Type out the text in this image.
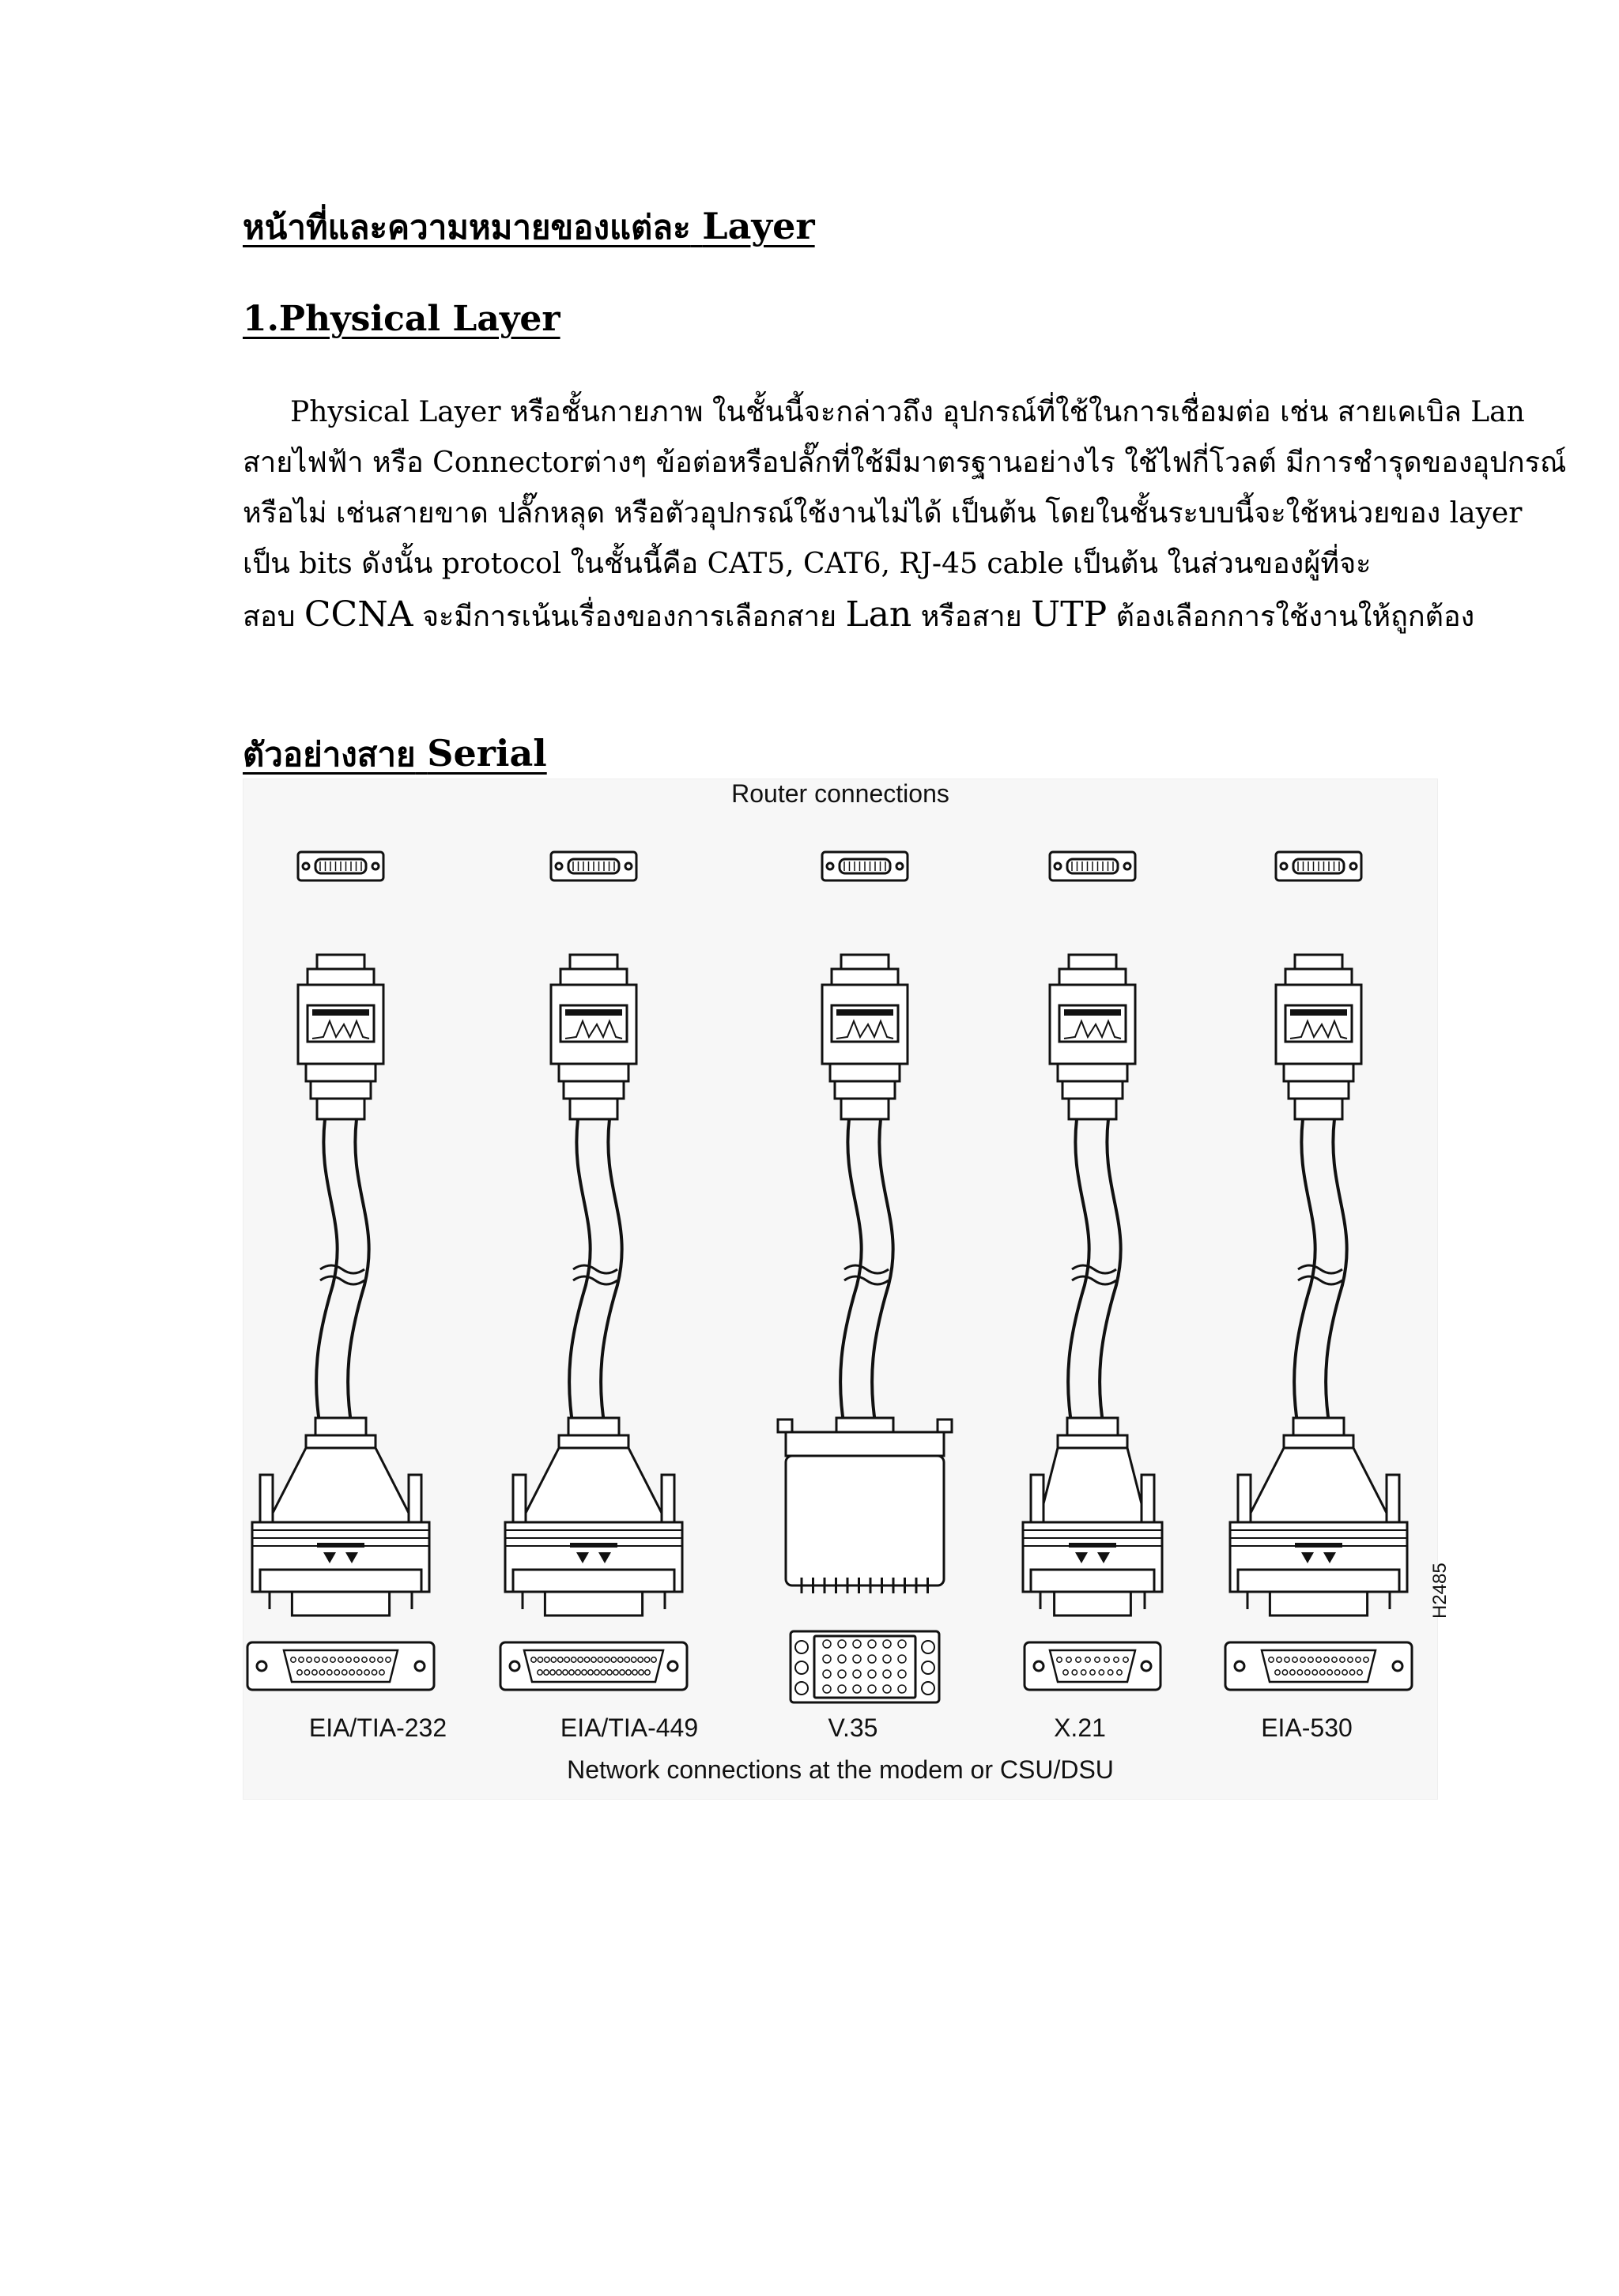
หน้าที่และความหมายของแต่ละ Layer
1.Physical Layer
Physical Layer หรือชั้นกายภาพ ในชั้นนี้จะกล่าวถึง อุปกรณ์ที่ใช้ในการเชื่อมต่อ เช่น สายเคเบิล Lan
สายไฟฟ้า หรือ Connectorต่างๆ ข้อต่อหรือปลั๊กที่ใช้มีมาตรฐานอย่างไร ใช้ไฟกี่โวลต์ มีการชำรุดของอุปกรณ์
หรือไม่ เช่นสายขาด ปลั๊กหลุด หรือตัวอุปกรณ์ใช้งานไม่ได้ เป็นต้น โดยในชั้นระบบนี้จะใช้หน่วยของ layer
เป็น bits ดังนั้น protocol ในชั้นนี้คือ CAT5, CAT6, RJ-45 cable เป็นต้น ในส่วนของผู้ที่จะ
สอบ CCNA จะมีการเน้นเรื่องของการเลือกสาย Lan หรือสาย UTP ต้องเลือกการใช้งานให้ถูกต้อง
ตัวอย่างสาย Serial
Router connections
EIA/TIA-232	EIA/TIA-449	V.35	X.21	EIA-530
H2485
Network connections at the modem or CSU/DSU
